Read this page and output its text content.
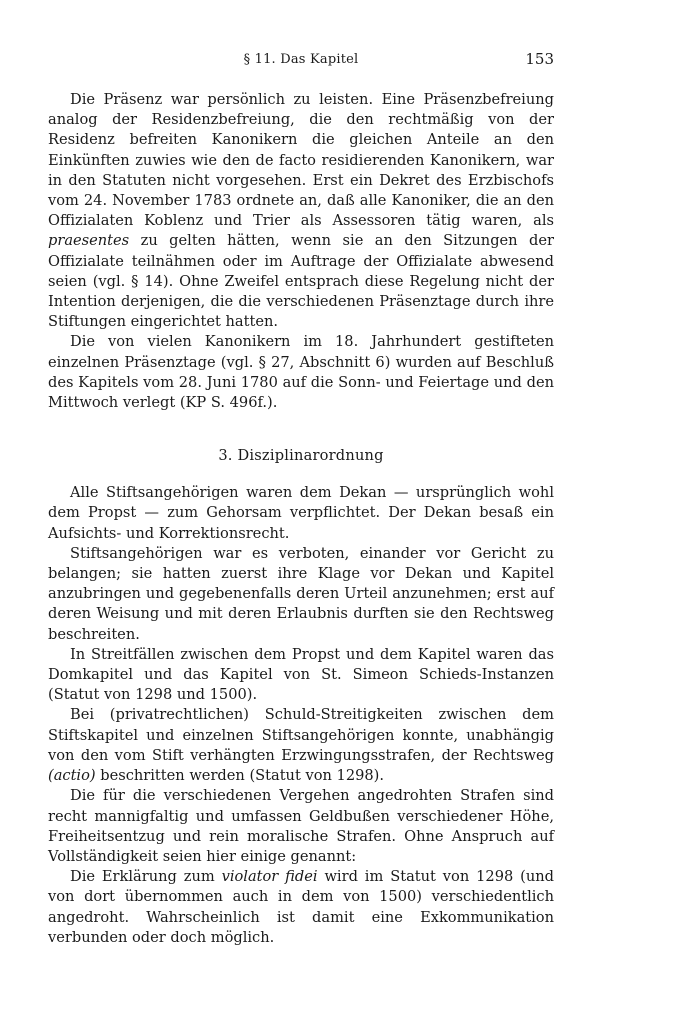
§ 11. Das Kapitel	153

Die Präsenz war persönlich zu leisten. Eine Präsenzbefreiung analog der Residenzbefreiung, die den rechtmäßig von der Residenz befreiten Kanonikern die gleichen Anteile an den Einkünften zuwies wie den de facto residierenden Kanonikern, war in den Statuten nicht vorgesehen. Erst ein Dekret des Erzbischofs vom 24. November 1783 ordnete an, daß alle Kanoniker, die an den Offizialaten Koblenz und Trier als Assessoren tätig waren, als praesentes zu gelten hätten, wenn sie an den Sitzungen der Offizialate teilnähmen oder im Auftrage der Offizialate abwesend seien (vgl. § 14). Ohne Zweifel entsprach diese Regelung nicht der Intention derjenigen, die die verschiedenen Präsenztage durch ihre Stiftungen eingerichtet hatten.

Die von vielen Kanonikern im 18. Jahrhundert gestifteten einzelnen Präsenztage (vgl. § 27, Abschnitt 6) wurden auf Beschluß des Kapitels vom 28. Juni 1780 auf die Sonn- und Feiertage und den Mittwoch verlegt (KP S. 496f.).

3. Disziplinarordnung

Alle Stiftsangehörigen waren dem Dekan — ursprünglich wohl dem Propst — zum Gehorsam verpflichtet. Der Dekan besaß ein Aufsichts- und Korrektionsrecht.

Stiftsangehörigen war es verboten, einander vor Gericht zu belangen; sie hatten zuerst ihre Klage vor Dekan und Kapitel anzubringen und gegebenenfalls deren Urteil anzunehmen; erst auf deren Weisung und mit deren Erlaubnis durften sie den Rechtsweg beschreiten.

In Streitfällen zwischen dem Propst und dem Kapitel waren das Domkapitel und das Kapitel von St. Simeon Schieds-Instanzen (Statut von 1298 und 1500).

Bei (privatrechtlichen) Schuld-Streitigkeiten zwischen dem Stiftskapitel und einzelnen Stiftsangehörigen konnte, unabhängig von den vom Stift verhängten Erzwingungsstrafen, der Rechtsweg (actio) beschritten werden (Statut von 1298).

Die für die verschiedenen Vergehen angedrohten Strafen sind recht mannigfaltig und umfassen Geldbußen verschiedener Höhe, Freiheitsentzug und rein moralische Strafen. Ohne Anspruch auf Vollständigkeit seien hier einige genannt:

Die Erklärung zum violator fidei wird im Statut von 1298 (und von dort übernommen auch in dem von 1500) verschiedentlich angedroht. Wahrscheinlich ist damit eine Exkommunikation verbunden oder doch möglich.
